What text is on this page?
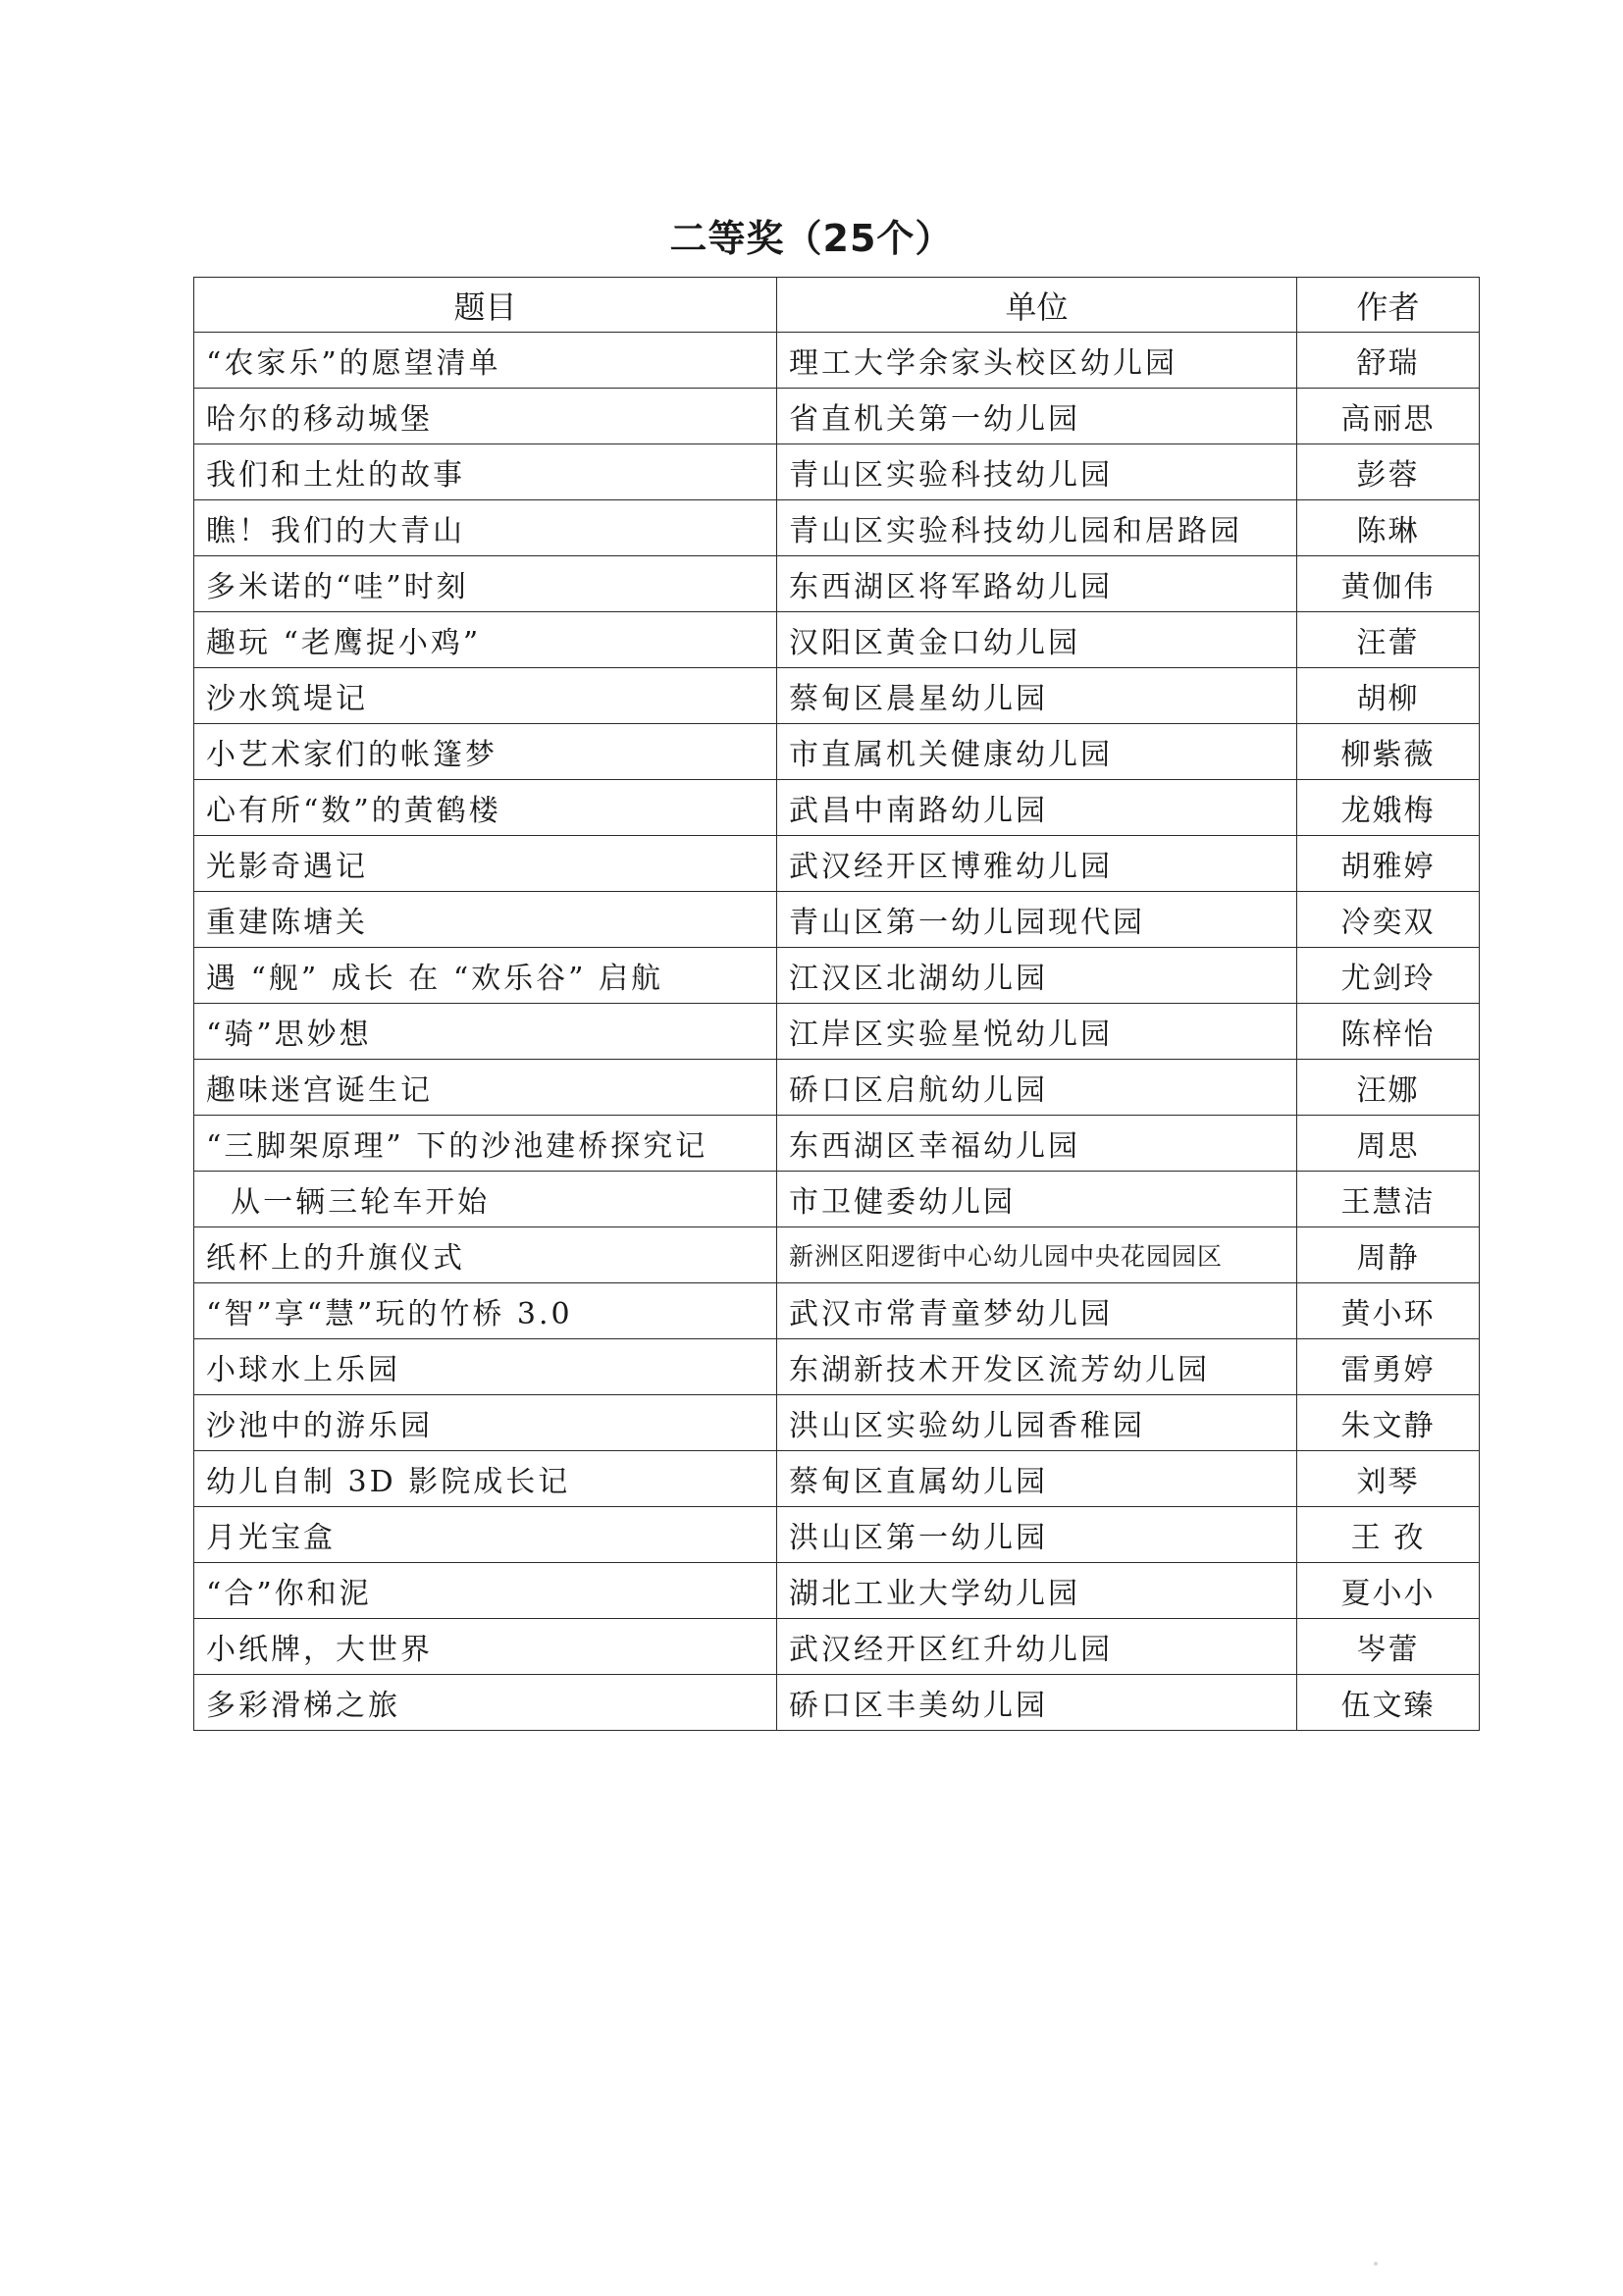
二等奖（25个）
题目	单位	作者
“农家乐”的愿望清单	理工大学余家头校区幼儿园	舒瑞
哈尔的移动城堡	省直机关第一幼儿园	高丽思
我们和土灶的故事	青山区实验科技幼儿园	彭蓉
瞧！我们的大青山	青山区实验科技幼儿园和居路园	陈琳
多米诺的“哇”时刻	东西湖区将军路幼儿园	黄伽伟
趣玩 “老鹰捉小鸡”	汉阳区黄金口幼儿园	汪蕾
沙水筑堤记	蔡甸区晨星幼儿园	胡柳
小艺术家们的帐篷梦	市直属机关健康幼儿园	柳紫薇
心有所“数”的黄鹤楼	武昌中南路幼儿园	龙娥梅
光影奇遇记	武汉经开区博雅幼儿园	胡雅婷
重建陈塘关	青山区第一幼儿园现代园	冷奕双
遇 “舰” 成长 在 “欢乐谷” 启航	江汉区北湖幼儿园	尤剑玲
“骑”思妙想	江岸区实验星悦幼儿园	陈梓怡
趣味迷宫诞生记	硚口区启航幼儿园	汪娜
“三脚架原理” 下的沙池建桥探究记	东西湖区幸福幼儿园	周思
从一辆三轮车开始	市卫健委幼儿园	王慧洁
纸杯上的升旗仪式	新洲区阳逻街中心幼儿园中央花园园区	周静
“智”享“慧”玩的竹桥 3.0	武汉市常青童梦幼儿园	黄小环
小球水上乐园	东湖新技术开发区流芳幼儿园	雷勇婷
沙池中的游乐园	洪山区实验幼儿园香稚园	朱文静
幼儿自制 3D 影院成长记	蔡甸区直属幼儿园	刘琴
月光宝盒	洪山区第一幼儿园	王 孜
“合”你和泥	湖北工业大学幼儿园	夏小小
小纸牌，大世界	武汉经开区红升幼儿园	岑蕾
多彩滑梯之旅	硚口区丰美幼儿园	伍文臻
